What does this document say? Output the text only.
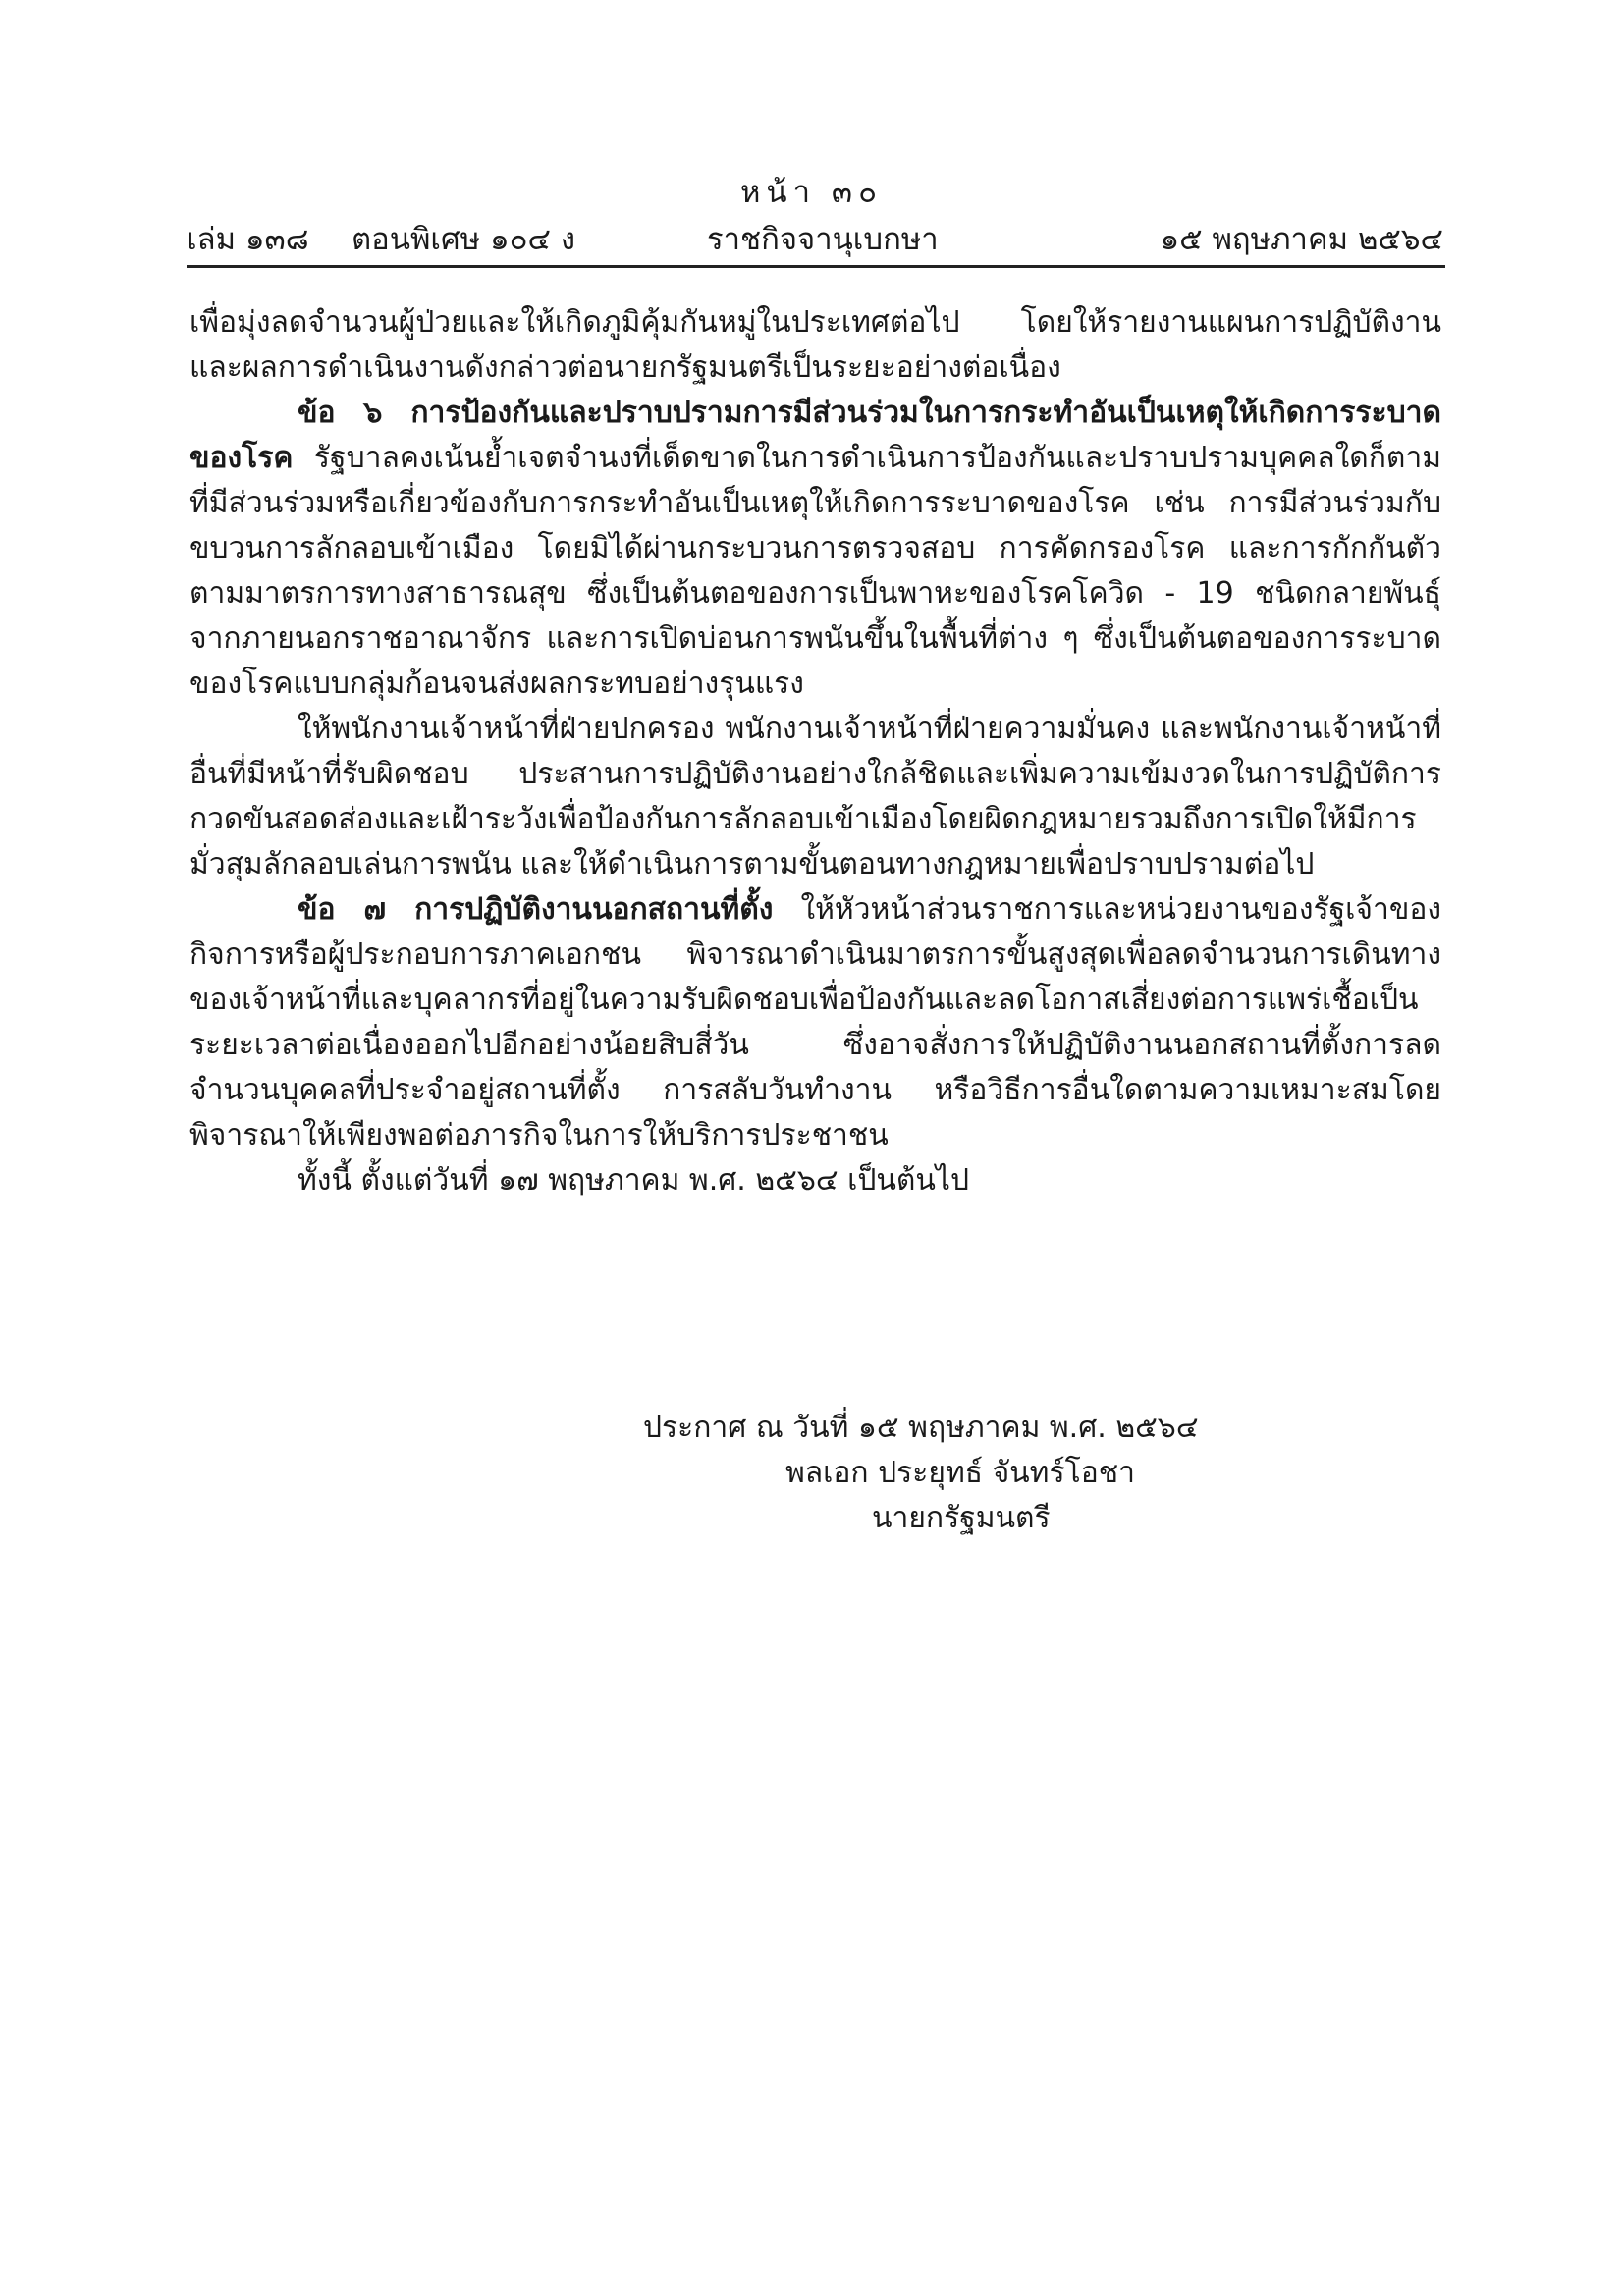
หน้า ๓๐
เล่ม ๑๓๘ ตอนพิเศษ ๑๐๔ ง	ราชกิจจานุเบกษา	๑๕ พฤษภาคม ๒๕๖๔

เพื่อมุ่งลดจำนวนผู้ป่วยและให้เกิดภูมิคุ้มกันหมู่ในประเทศต่อไป โดยให้รายงานแผนการปฏิบัติงานและผลการดำเนินงานดังกล่าวต่อนายกรัฐมนตรีเป็นระยะอย่างต่อเนื่อง

ข้อ ๖ การป้องกันและปราบปรามการมีส่วนร่วมในการกระทำอันเป็นเหตุให้เกิดการระบาดของโรค รัฐบาลคงเน้นย้ำเจตจำนงที่เด็ดขาดในการดำเนินการป้องกันและปราบปรามบุคคลใดก็ตามที่มีส่วนร่วมหรือเกี่ยวข้องกับการกระทำอันเป็นเหตุให้เกิดการระบาดของโรค เช่น การมีส่วนร่วมกับขบวนการลักลอบเข้าเมือง โดยมิได้ผ่านกระบวนการตรวจสอบ การคัดกรองโรค และการกักกันตัวตามมาตรการทางสาธารณสุข ซึ่งเป็นต้นตอของการเป็นพาหะของโรคโควิด - 19 ชนิดกลายพันธุ์จากภายนอกราชอาณาจักร และการเปิดบ่อนการพนันขึ้นในพื้นที่ต่าง ๆ ซึ่งเป็นต้นตอของการระบาดของโรคแบบกลุ่มก้อนจนส่งผลกระทบอย่างรุนแรง

ให้พนักงานเจ้าหน้าที่ฝ่ายปกครอง พนักงานเจ้าหน้าที่ฝ่ายความมั่นคง และพนักงานเจ้าหน้าที่อื่นที่มีหน้าที่รับผิดชอบ ประสานการปฏิบัติงานอย่างใกล้ชิดและเพิ่มความเข้มงวดในการปฏิบัติการกวดขันสอดส่องและเฝ้าระวังเพื่อป้องกันการลักลอบเข้าเมืองโดยผิดกฎหมายรวมถึงการเปิดให้มีการมั่วสุมลักลอบเล่นการพนัน และให้ดำเนินการตามขั้นตอนทางกฎหมายเพื่อปราบปรามต่อไป

ข้อ ๗ การปฏิบัติงานนอกสถานที่ตั้ง ให้หัวหน้าส่วนราชการและหน่วยงานของรัฐเจ้าของกิจการหรือผู้ประกอบการภาคเอกชน พิจารณาดำเนินมาตรการขั้นสูงสุดเพื่อลดจำนวนการเดินทางของเจ้าหน้าที่และบุคลากรที่อยู่ในความรับผิดชอบเพื่อป้องกันและลดโอกาสเสี่ยงต่อการแพร่เชื้อเป็นระยะเวลาต่อเนื่องออกไปอีกอย่างน้อยสิบสี่วัน ซึ่งอาจสั่งการให้ปฏิบัติงานนอกสถานที่ตั้งการลดจำนวนบุคคลที่ประจำอยู่สถานที่ตั้ง การสลับวันทำงาน หรือวิธีการอื่นใดตามความเหมาะสมโดยพิจารณาให้เพียงพอต่อภารกิจในการให้บริการประชาชน

ทั้งนี้ ตั้งแต่วันที่ ๑๗ พฤษภาคม พ.ศ. ๒๕๖๔ เป็นต้นไป

ประกาศ ณ วันที่ ๑๕ พฤษภาคม พ.ศ. ๒๕๖๔
พลเอก ประยุทธ์ จันทร์โอชา
นายกรัฐมนตรี
